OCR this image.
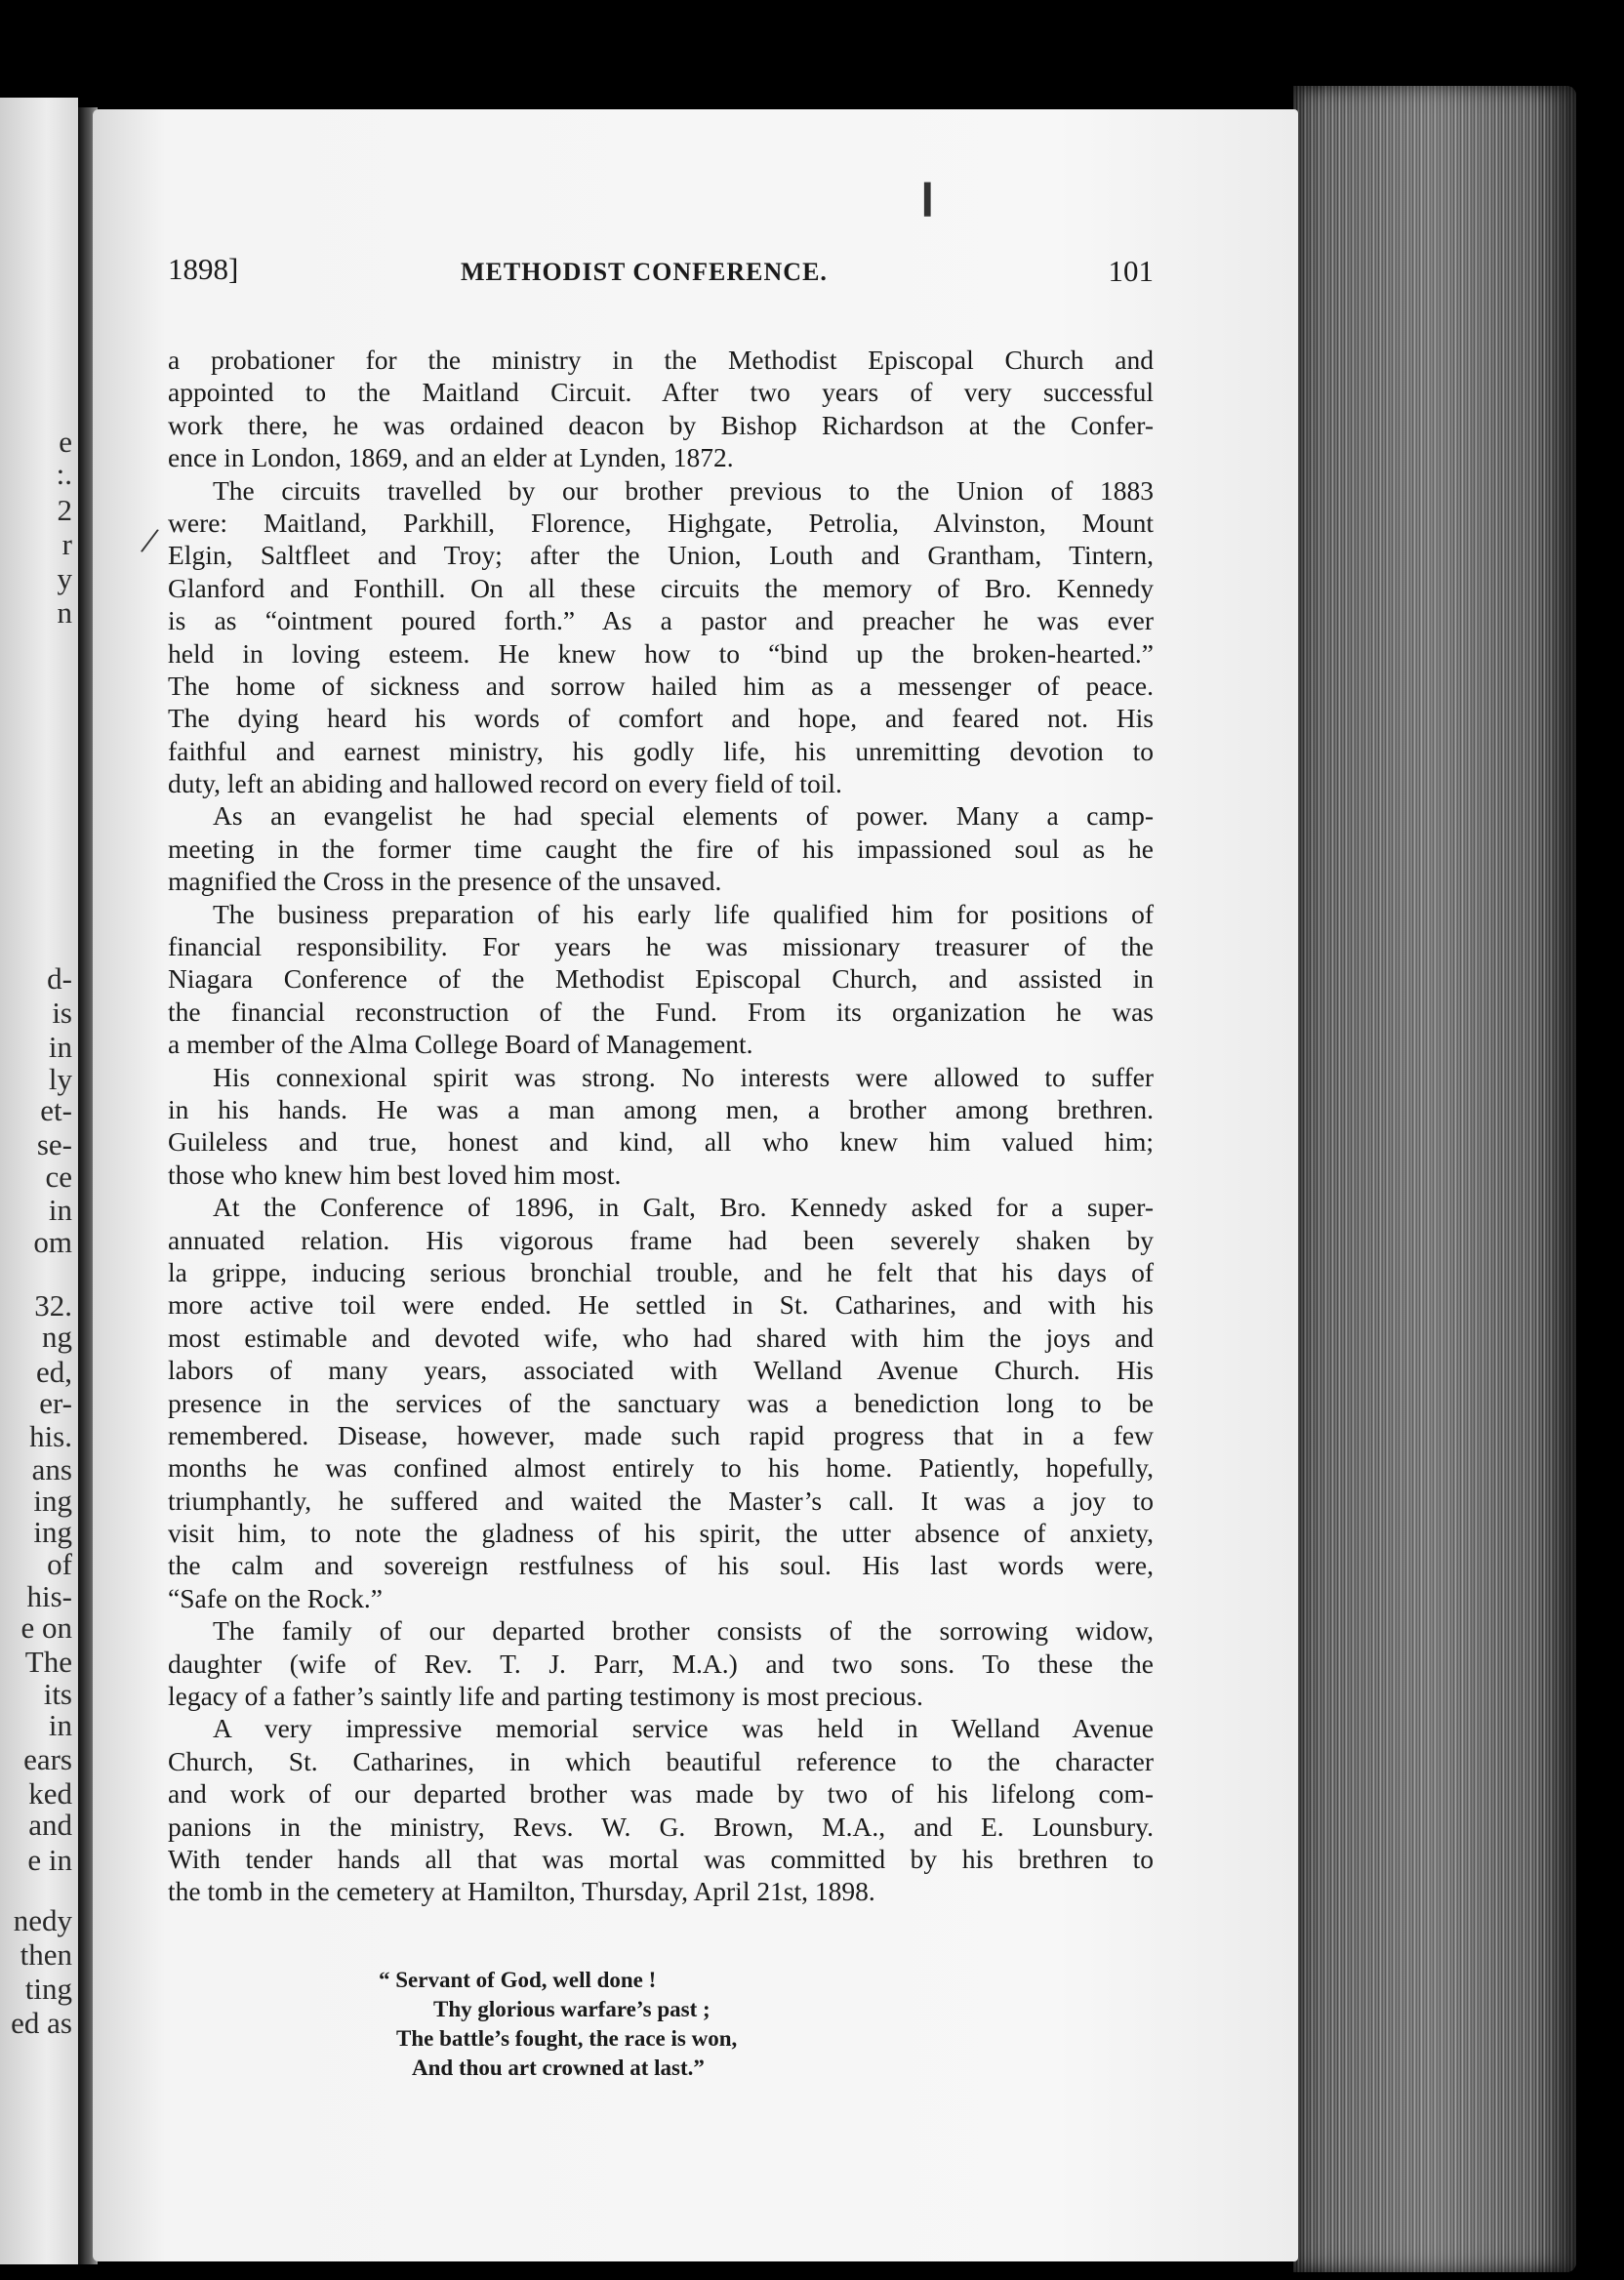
e
:.
2
r
y
n
d-
is
in
ly
et-
se-
ce
in
om
32.
ng
ed,
er-
his.
ans
ing
ing
of
his-
e on
The
its
in
ears
ked
and
e in
nedy
then
ting
ed as
1898]	METHODIST CONFERENCE.	101
a probationer for the ministry in the Methodist Episcopal Church and
appointed to the Maitland Circuit. After two years of very successful
work there, he was ordained deacon by Bishop Richardson at the Confer-
ence in London, 1869, and an elder at Lynden, 1872.
The circuits travelled by our brother previous to the Union of 1883
were: Maitland, Parkhill, Florence, Highgate, Petrolia, Alvinston, Mount
Elgin, Saltfleet and Troy; after the Union, Louth and Grantham, Tintern,
Glanford and Fonthill. On all these circuits the memory of Bro. Kennedy
is as “ointment poured forth.” As a pastor and preacher he was ever
held in loving esteem. He knew how to “bind up the broken-hearted.”
The home of sickness and sorrow hailed him as a messenger of peace.
The dying heard his words of comfort and hope, and feared not. His
faithful and earnest ministry, his godly life, his unremitting devotion to
duty, left an abiding and hallowed record on every field of toil.
As an evangelist he had special elements of power. Many a camp-
meeting in the former time caught the fire of his impassioned soul as he
magnified the Cross in the presence of the unsaved.
The business preparation of his early life qualified him for positions of
financial responsibility. For years he was missionary treasurer of the
Niagara Conference of the Methodist Episcopal Church, and assisted in
the financial reconstruction of the Fund. From its organization he was
a member of the Alma College Board of Management.
His connexional spirit was strong. No interests were allowed to suffer
in his hands. He was a man among men, a brother among brethren.
Guileless and true, honest and kind, all who knew him valued him;
those who knew him best loved him most.
At the Conference of 1896, in Galt, Bro. Kennedy asked for a super-
annuated relation. His vigorous frame had been severely shaken by
la grippe, inducing serious bronchial trouble, and he felt that his days of
more active toil were ended. He settled in St. Catharines, and with his
most estimable and devoted wife, who had shared with him the joys and
labors of many years, associated with Welland Avenue Church. His
presence in the services of the sanctuary was a benediction long to be
remembered. Disease, however, made such rapid progress that in a few
months he was confined almost entirely to his home. Patiently, hopefully,
triumphantly, he suffered and waited the Master’s call. It was a joy to
visit him, to note the gladness of his spirit, the utter absence of anxiety,
the calm and sovereign restfulness of his soul. His last words were,
“Safe on the Rock.”
The family of our departed brother consists of the sorrowing widow,
daughter (wife of Rev. T. J. Parr, M.A.) and two sons. To these the
legacy of a father’s saintly life and parting testimony is most precious.
A very impressive memorial service was held in Welland Avenue
Church, St. Catharines, in which beautiful reference to the character
and work of our departed brother was made by two of his lifelong com-
panions in the ministry, Revs. W. G. Brown, M.A., and E. Lounsbury.
With tender hands all that was mortal was committed by his brethren to
the tomb in the cemetery at Hamilton, Thursday, April 21st, 1898.
“ Servant of God, well done !
Thy glorious warfare’s past ;
The battle’s fought, the race is won,
And thou art crowned at last.”
/
❙
